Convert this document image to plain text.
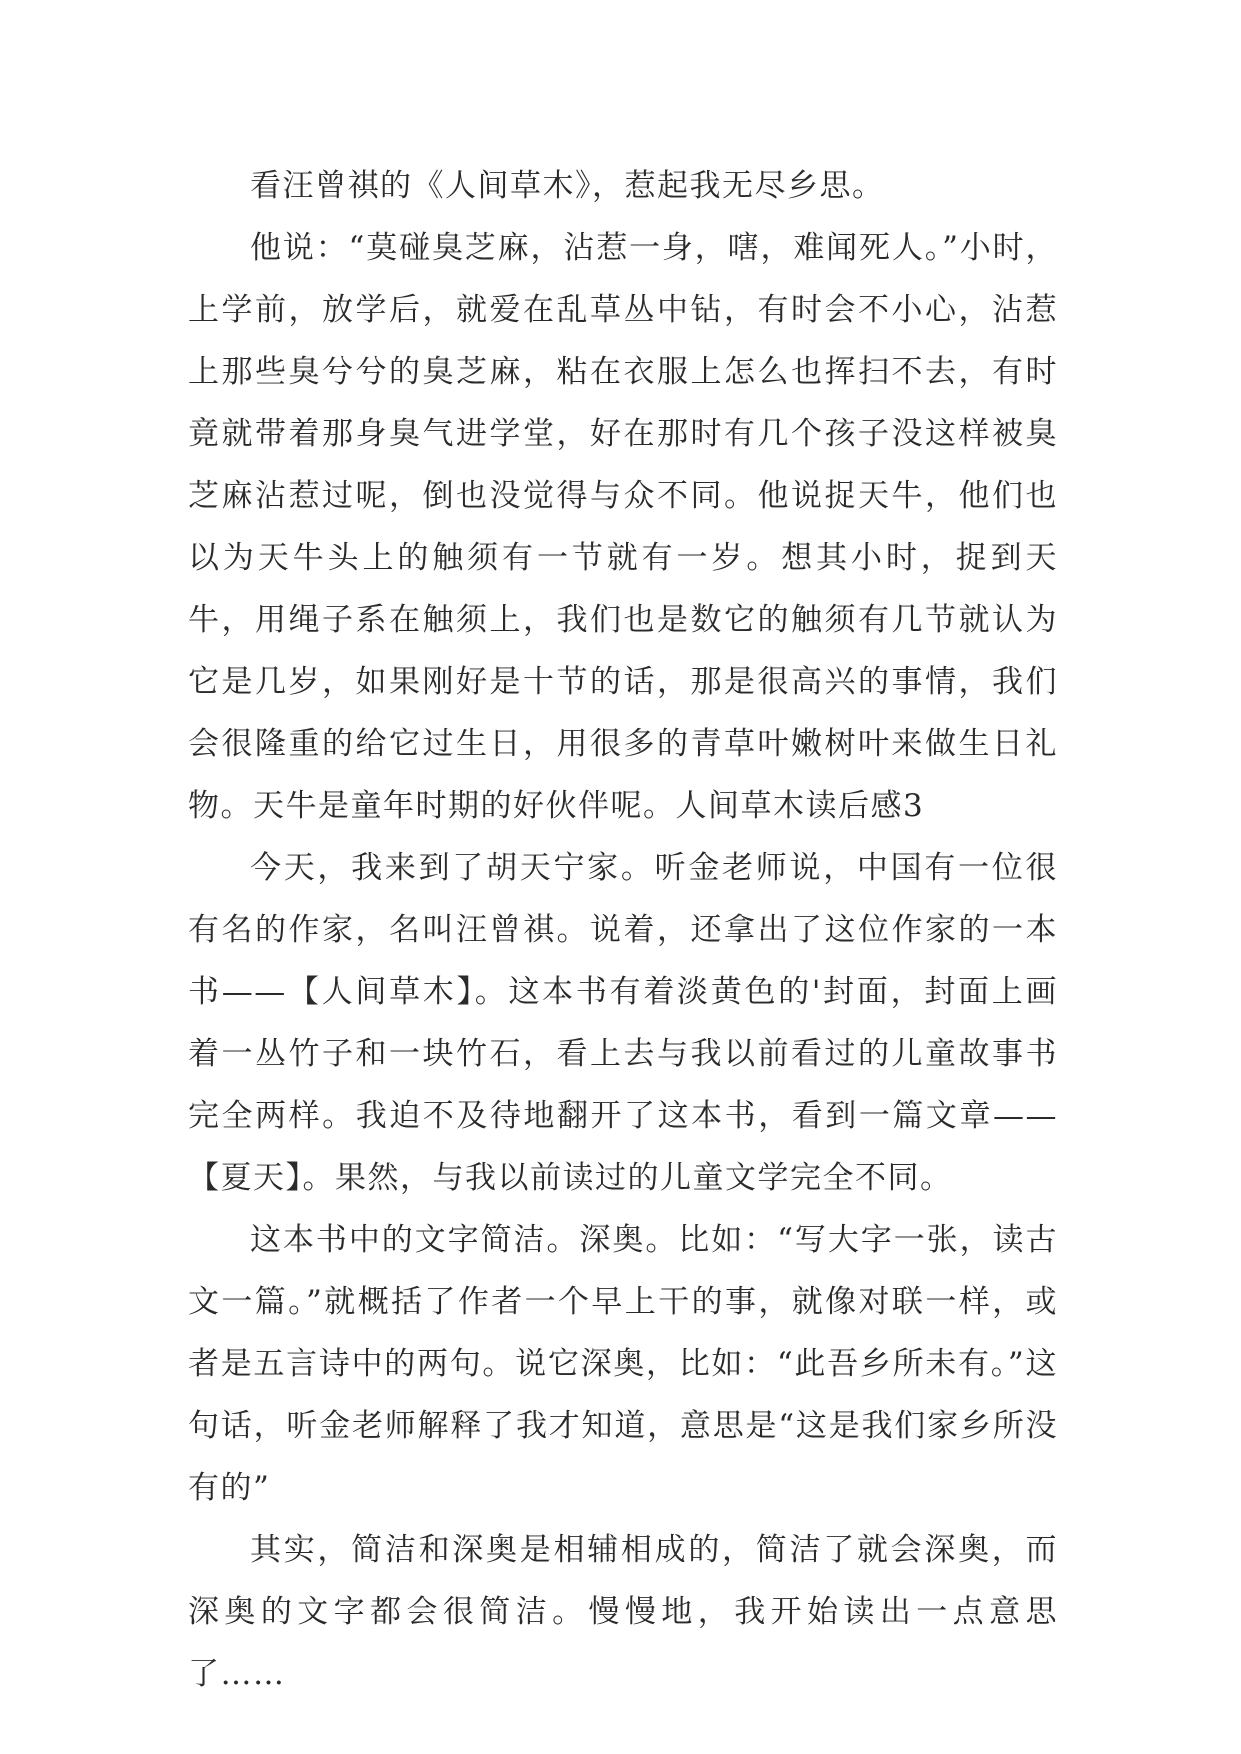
看汪曾祺的《人间草木》，惹起我无尽乡思。

他说：“莫碰臭芝麻，沾惹一身，嗐，难闻死人。”小时，上学前，放学后，就爱在乱草丛中钻，有时会不小心，沾惹上那些臭兮兮的臭芝麻，粘在衣服上怎么也挥扫不去，有时竟就带着那身臭气进学堂，好在那时有几个孩子没这样被臭芝麻沾惹过呢，倒也没觉得与众不同。他说捉天牛，他们也以为天牛头上的触须有一节就有一岁。想其小时，捉到天牛，用绳子系在触须上，我们也是数它的触须有几节就认为它是几岁，如果刚好是十节的话，那是很高兴的事情，我们会很隆重的给它过生日，用很多的青草叶嫩树叶来做生日礼物。天牛是童年时期的好伙伴呢。人间草木读后感3

今天，我来到了胡天宁家。听金老师说，中国有一位很有名的作家，名叫汪曾祺。说着，还拿出了这位作家的一本书——【人间草木】。这本书有着淡黄色的'封面，封面上画着一丛竹子和一块竹石，看上去与我以前看过的儿童故事书完全两样。我迫不及待地翻开了这本书，看到一篇文章——【夏天】。果然，与我以前读过的儿童文学完全不同。

这本书中的文字简洁。深奥。比如：“写大字一张，读古文一篇。”就概括了作者一个早上干的事，就像对联一样，或者是五言诗中的两句。说它深奥，比如：“此吾乡所未有。”这句话，听金老师解释了我才知道，意思是“这是我们家乡所没有的”

其实，简洁和深奥是相辅相成的，简洁了就会深奥，而深奥的文字都会很简洁。慢慢地，我开始读出一点意思了……
